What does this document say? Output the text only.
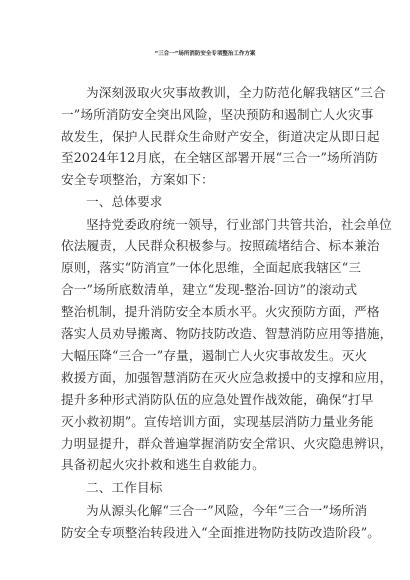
“三合一”场所消防安全专项整治工作方案
为深刻汲取火灾事故教训，全力防范化解我辖区“三合
一”场所消防安全突出风险，坚决预防和遏制亡人火灾事
故发生，保护人民群众生命财产安全，街道决定从即日起
至2024年12月底，在全辖区部署开展“三合一”场所消防
安全专项整治，方案如下：
一、总体要求
坚持党委政府统一领导，行业部门共管共治，社会单位
依法履责，人民群众积极参与。按照疏堵结合、标本兼治
原则，落实“防消宣”一体化思维，全面起底我辖区“三
合一”场所底数清单，建立“发现-整治-回访”的滚动式
整治机制，提升消防安全本质水平。火灾预防方面，严格
落实人员劝导搬离、物防技防改造、智慧消防应用等措施，
大幅压降“三合一”存量，遏制亡人火灾事故发生。灭火
救援方面，加强智慧消防在灭火应急救援中的支撑和应用，
提升多种形式消防队伍的应急处置作战效能，确保“打早
灭小救初期”。宣传培训方面，实现基层消防力量业务能
力明显提升，群众普遍掌握消防安全常识、火灾隐患辨识，
具备初起火灾扑救和逃生自救能力。
二、工作目标
为从源头化解“三合一”风险，今年“三合一”场所消
防安全专项整治转段进入“全面推进物防技防改造阶段”。
